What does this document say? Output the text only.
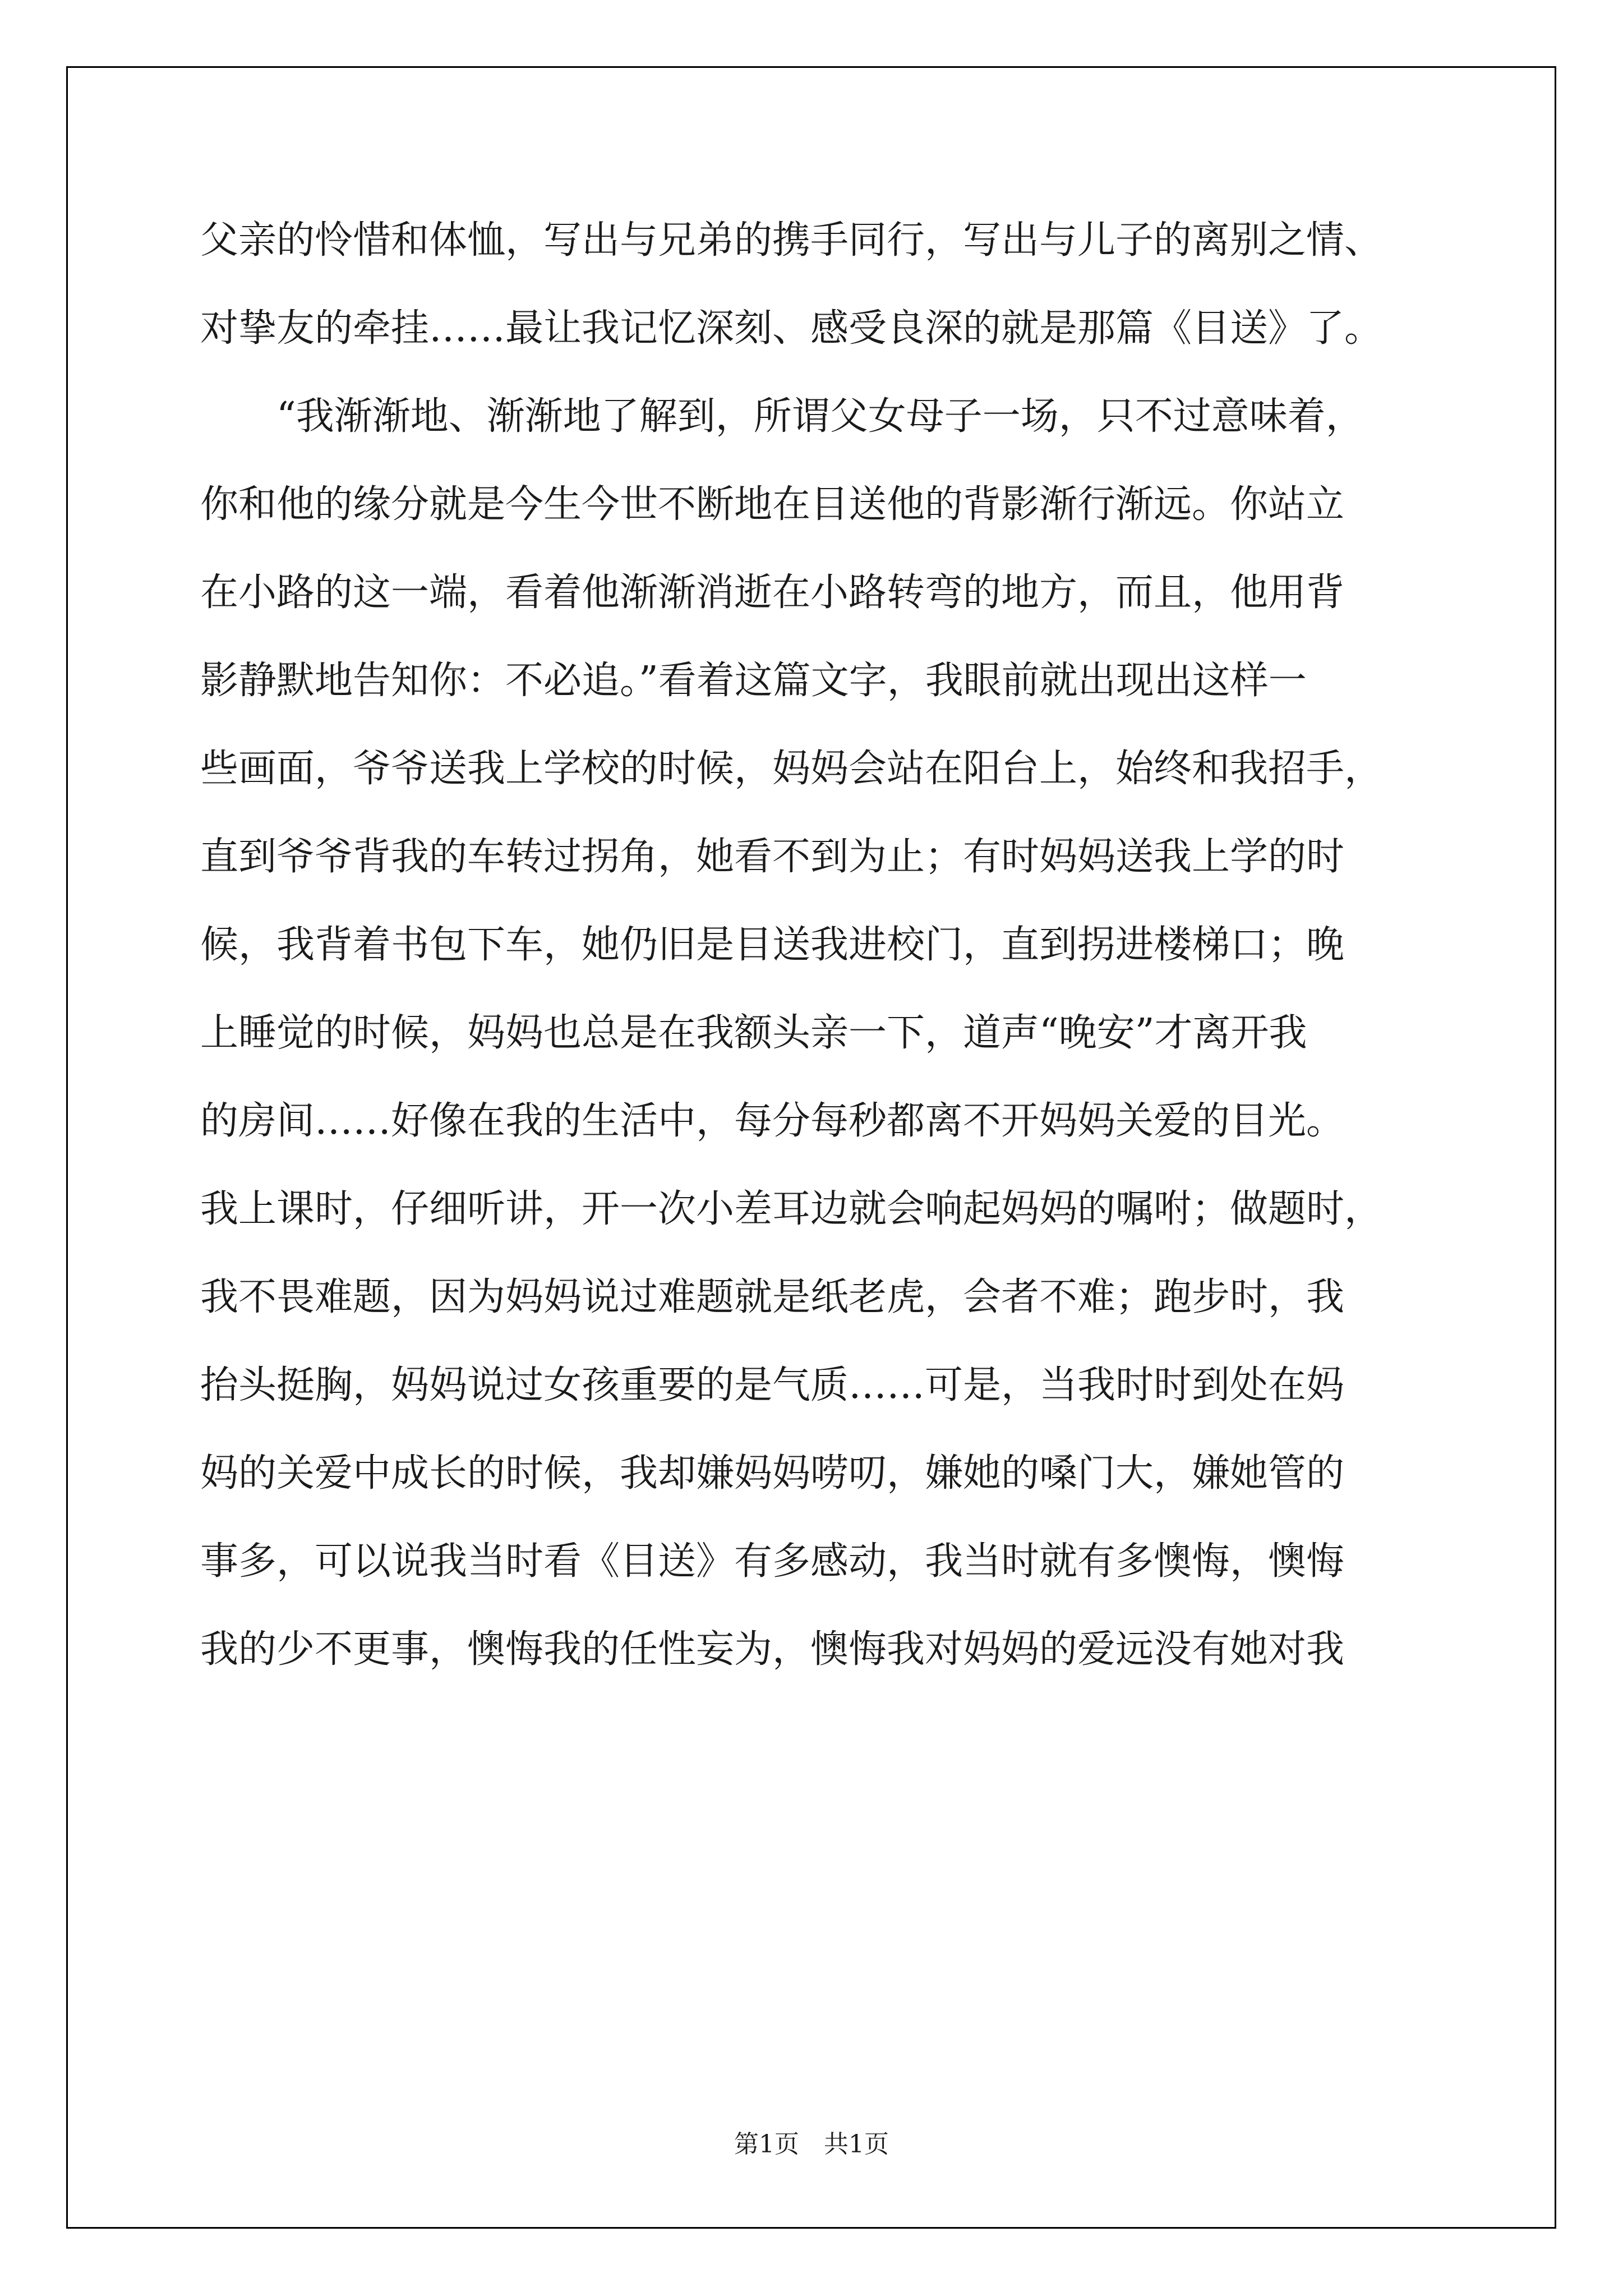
父亲的怜惜和体恤，写出与兄弟的携手同行，写出与儿子的离别之情、
对挚友的牵挂……最让我记忆深刻、感受良深的就是那篇《目送》了。
　　“我渐渐地、渐渐地了解到，所谓父女母子一场，只不过意味着，
你和他的缘分就是今生今世不断地在目送他的背影渐行渐远。你站立
在小路的这一端，看着他渐渐消逝在小路转弯的地方，而且，他用背
影静默地告知你：不必追。”看着这篇文字，我眼前就出现出这样一
些画面，爷爷送我上学校的时候，妈妈会站在阳台上，始终和我招手，
直到爷爷背我的车转过拐角，她看不到为止；有时妈妈送我上学的时
候，我背着书包下车，她仍旧是目送我进校门，直到拐进楼梯口；晚
上睡觉的时候，妈妈也总是在我额头亲一下，道声“晚安”才离开我
的房间……好像在我的生活中，每分每秒都离不开妈妈关爱的目光。
我上课时，仔细听讲，开一次小差耳边就会响起妈妈的嘱咐；做题时，
我不畏难题，因为妈妈说过难题就是纸老虎，会者不难；跑步时，我
抬头挺胸，妈妈说过女孩重要的是气质……可是，当我时时到处在妈
妈的关爱中成长的时候，我却嫌妈妈唠叨，嫌她的嗓门大，嫌她管的
事多，可以说我当时看《目送》有多感动，我当时就有多懊悔，懊悔
我的少不更事，懊悔我的任性妄为，懊悔我对妈妈的爱远没有她对我
第1页　共1页
